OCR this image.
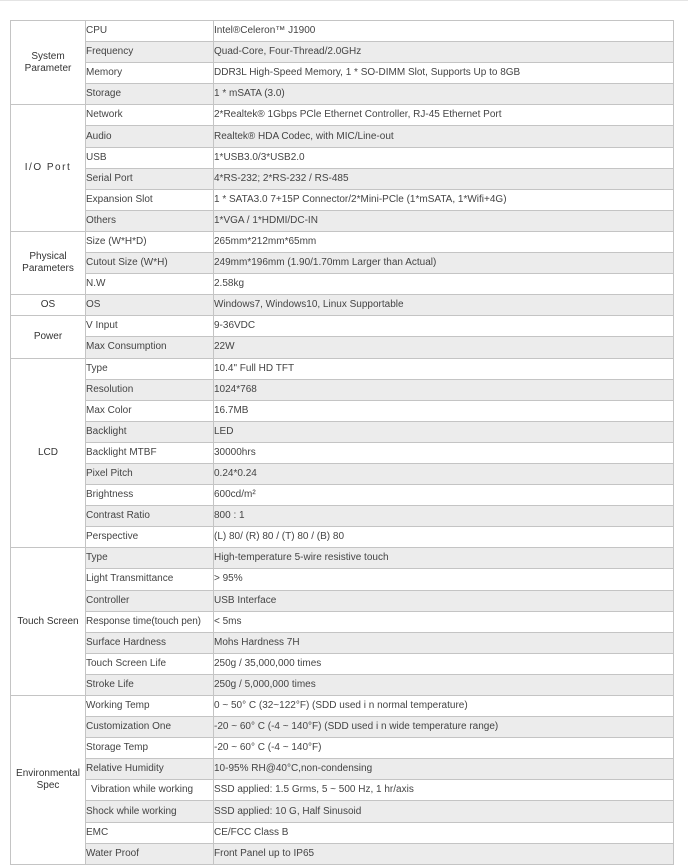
System
Parameter	CPU	Intel®Celeron™ J1900
	Frequency	Quad-Core, Four-Thread/2.0GHz
	Memory	DDR3L High-Speed Memory, 1 * SO-DIMM Slot, Supports Up to 8GB
	Storage	1 * mSATA (3.0)
I/O Port	Network	2*Realtek® 1Gbps PCle Ethernet Controller, RJ-45 Ethernet Port
	Audio	Realtek® HDA Codec, with MIC/Line-out
	USB	1*USB3.0/3*USB2.0
	Serial Port	4*RS-232; 2*RS-232 / RS-485
	Expansion Slot	1 * SATA3.0 7+15P Connector/2*Mini-PCle (1*mSATA, 1*Wifi+4G)
	Others	1*VGA / 1*HDMI/DC-IN
Physical
Parameters	Size (W*H*D)	265mm*212mm*65mm
	Cutout Size (W*H)	249mm*196mm (1.90/1.70mm Larger than Actual)
	N.W	2.58kg
OS	OS	Windows7, Windows10, Linux Supportable
Power	V Input	9-36VDC
	Max Consumption	22W
LCD	Type	10.4" Full HD TFT
	Resolution	1024*768
	Max Color	16.7MB
	Backlight	LED
	Backlight MTBF	30000hrs
	Pixel Pitch	0.24*0.24
	Brightness	600cd/m²
	Contrast Ratio	800 : 1
	Perspective	(L) 80/ (R) 80 / (T) 80 / (B) 80
Touch Screen	Type	High-temperature 5-wire resistive touch
	Light Transmittance	> 95%
	Controller	USB Interface
	Response time(touch pen)	< 5ms
	Surface Hardness	Mohs Hardness 7H
	Touch Screen Life	250g / 35,000,000 times
	Stroke Life	250g / 5,000,000 times
Environmental
Spec	Working Temp	0 ~ 50° C (32~122°F) (SDD used i n normal temperature)
	Customization One	-20 ~ 60° C (-4 ~ 140°F) (SDD used i n wide temperature range)
	Storage Temp	-20 ~ 60° C (-4 ~ 140°F)
	Relative Humidity	10-95% RH@40°C,non-condensing
	Vibration while working	SSD applied: 1.5 Grms, 5 ~ 500 Hz, 1 hr/axis
	Shock while working	SSD applied: 10 G, Half Sinusoid
	EMC	CE/FCC Class B
	Water Proof	Front Panel up to IP65
